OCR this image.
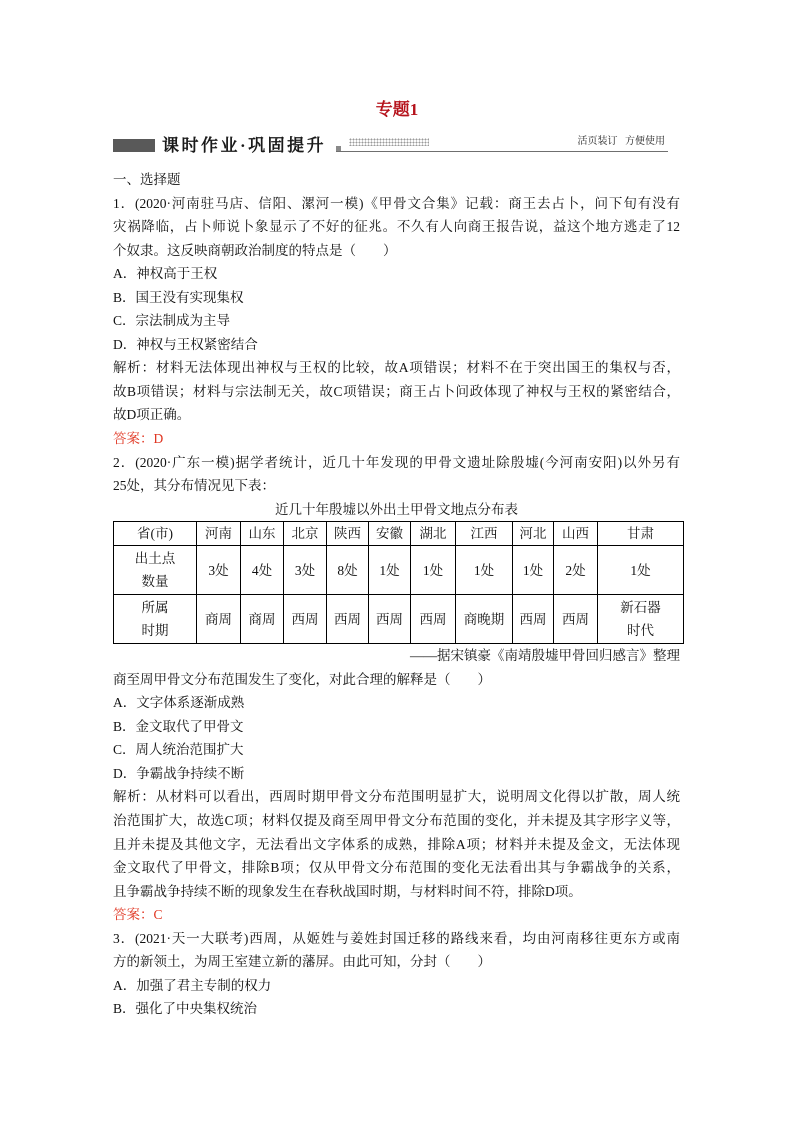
专题1
课时作业·巩固提升	活页装订 方便使用
一、选择题
1．(2020·河南驻马店、信阳、漯河一模)《甲骨文合集》记载：商王去占卜，问下旬有没有
灾祸降临，占卜师说卜象显示了不好的征兆。不久有人向商王报告说，益这个地方逃走了12
个奴隶。这反映商朝政治制度的特点是（　　）
A．神权高于王权
B．国王没有实现集权
C．宗法制成为主导
D．神权与王权紧密结合
解析：材料无法体现出神权与王权的比较，故A项错误；材料不在于突出国王的集权与否，
故B项错误；材料与宗法制无关，故C项错误；商王占卜问政体现了神权与王权的紧密结合，
故D项正确。
答案：D
2．(2020·广东一模)据学者统计，近几十年发现的甲骨文遗址除殷墟(今河南安阳)以外另有
25处，其分布情况见下表：
近几十年殷墟以外出土甲骨文地点分布表
省(市)	河南	山东	北京	陕西	安徽	湖北	江西	河北	山西	甘肃
出土点数量	3处	4处	3处	8处	1处	1处	1处	1处	2处	1处
所属时期	商周	商周	西周	西周	西周	西周	商晚期	西周	西周	新石器时代
——据宋镇豪《南靖殷墟甲骨回归感言》整理
商至周甲骨文分布范围发生了变化，对此合理的解释是（　　）
A．文字体系逐渐成熟
B．金文取代了甲骨文
C．周人统治范围扩大
D．争霸战争持续不断
解析：从材料可以看出，西周时期甲骨文分布范围明显扩大，说明周文化得以扩散，周人统
治范围扩大，故选C项；材料仅提及商至周甲骨文分布范围的变化，并未提及其字形字义等，
且并未提及其他文字，无法看出文字体系的成熟，排除A项；材料并未提及金文，无法体现
金文取代了甲骨文，排除B项；仅从甲骨文分布范围的变化无法看出其与争霸战争的关系，
且争霸战争持续不断的现象发生在春秋战国时期，与材料时间不符，排除D项。
答案：C
3．(2021·天一大联考)西周，从姬姓与姜姓封国迁移的路线来看，均由河南移往更东方或南
方的新领土，为周王室建立新的藩屏。由此可知，分封（　　）
A．加强了君主专制的权力
B．强化了中央集权统治
